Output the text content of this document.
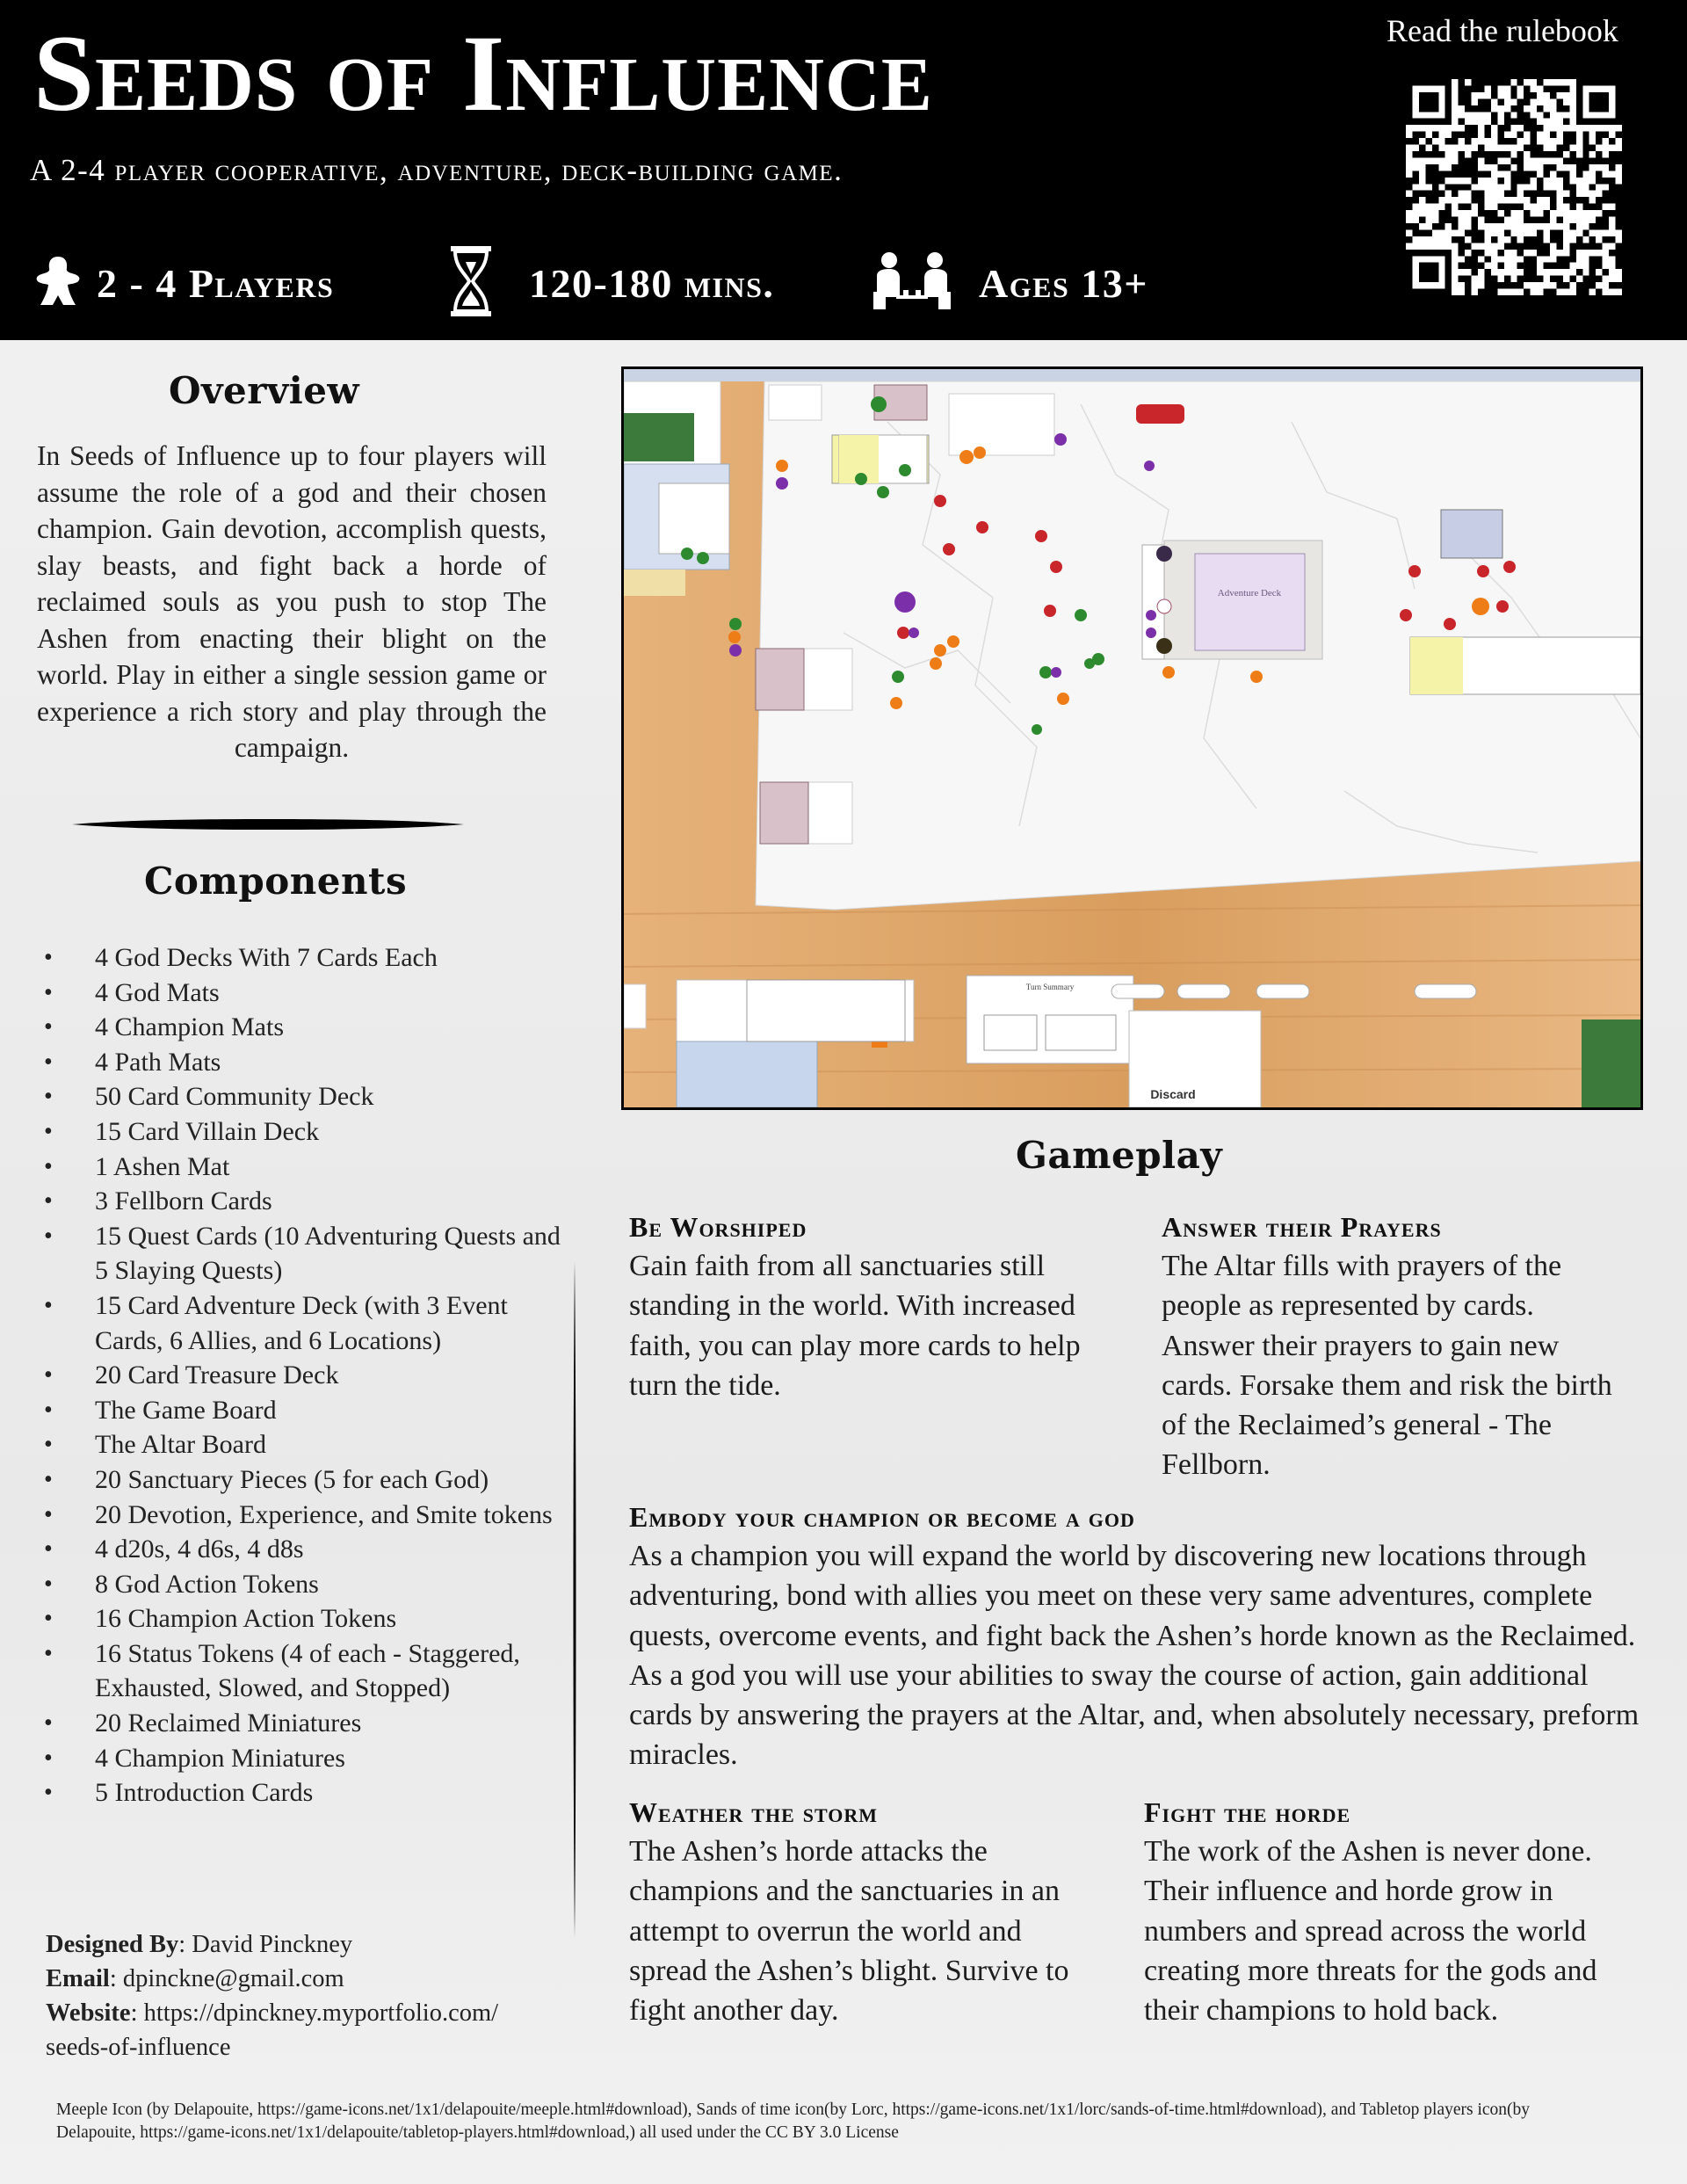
Seeds of Influence
A 2-4 player cooperative, adventure, deck-building game.
2 - 4 Players	120-180 mins.	Ages 13+
Read the rulebook
Overview

In Seeds of Influence up to four players will assume the role of a god and their chosen champion. Gain devotion, accomplish quests, slay beasts, and fight back a horde of reclaimed souls as you push to stop The Ashen from enacting their blight on the world. Play in either a single session game or experience a rich story and play through the campaign.

Components
• 4 God Decks With 7 Cards Each
• 4 God Mats
• 4 Champion Mats
• 4 Path Mats
• 50 Card Community Deck
• 15 Card Villain Deck
• 1 Ashen Mat
• 3 Fellborn Cards
• 15 Quest Cards (10 Adventuring Quests and 5 Slaying Quests)
• 15 Card Adventure Deck (with 3 Event Cards, 6 Allies, and 6 Locations)
• 20 Card Treasure Deck
• The Game Board
• The Altar Board
• 20 Sanctuary Pieces (5 for each God)
• 20 Devotion, Experience, and Smite tokens
• 4 d20s, 4 d6s, 4 d8s
• 8 God Action Tokens
• 16 Champion Action Tokens
• 16 Status Tokens (4 of each - Staggered, Exhausted, Slowed, and Stopped)
• 20 Reclaimed Miniatures
• 4 Champion Miniatures
• 5 Introduction Cards
Designed By: David Pinckney
Email: dpinckne@gmail.com
Website: https://dpinckney.myportfolio.com/ seeds-of-influence
Adventure Deck
Turn Summary
Discard
Gameplay
Be Worshiped

Gain faith from all sanctuaries still standing in the world. With increased faith, you can play more cards to help turn the tide.

Answer their Prayers

The Altar fills with prayers of the people as represented by cards. Answer their prayers to gain new cards. Forsake them and risk the birth of the Reclaimed’s general - The Fellborn.

Embody your champion or become a god

As a champion you will expand the world by discovering new locations through adventuring, bond with allies you meet on these very same adventures, complete quests, overcome events, and fight back the Ashen’s horde known as the Reclaimed. As a god you will use your abilities to sway the course of action, gain additional cards by answering the prayers at the Altar, and, when absolutely necessary, preform miracles.

Weather the storm

The Ashen’s horde attacks the champions and the sanctuaries in an attempt to overrun the world and spread the Ashen’s blight. Survive to fight another day.

Fight the horde

The work of the Ashen is never done. Their influence and horde grow in numbers and spread across the world creating more threats for the gods and their champions to hold back.

Meeple Icon (by Delapouite, https://game-icons.net/1x1/delapouite/meeple.html#download), Sands of time icon(by Lorc, https://game-icons.net/1x1/lorc/sands-of-time.html#download), and Tabletop players icon(by Delapouite, https://game-icons.net/1x1/delapouite/tabletop-players.html#download,) all used under the CC BY 3.0 License
